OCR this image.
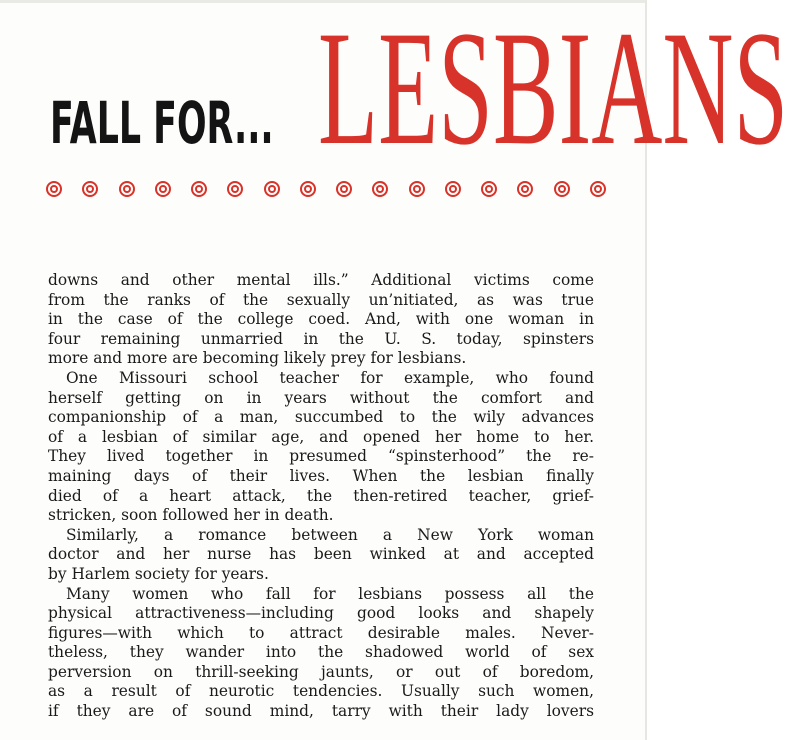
FALL FOR... LESBIANS
downs and other mental ills.” Additional victims come
from the ranks of the sexually un’nitiated, as was true
in the case of the college coed. And, with one woman in
four remaining unmarried in the U. S. today, spinsters
more and more are becoming likely prey for lesbians.
One Missouri school teacher for example, who found
herself getting on in years without the comfort and
companionship of a man, succumbed to the wily advances
of a lesbian of similar age, and opened her home to her.
They lived together in presumed “spinsterhood” the re-
maining days of their lives. When the lesbian finally
died of a heart attack, the then-retired teacher, grief-
stricken, soon followed her in death.
Similarly, a romance between a New York woman
doctor and her nurse has been winked at and accepted
by Harlem society for years.
Many women who fall for lesbians possess all the
physical attractiveness—including good looks and shapely
figures—with which to attract desirable males. Never-
theless, they wander into the shadowed world of sex
perversion on thrill-seeking jaunts, or out of boredom,
as a result of neurotic tendencies. Usually such women,
if they are of sound mind, tarry with their lady lovers
